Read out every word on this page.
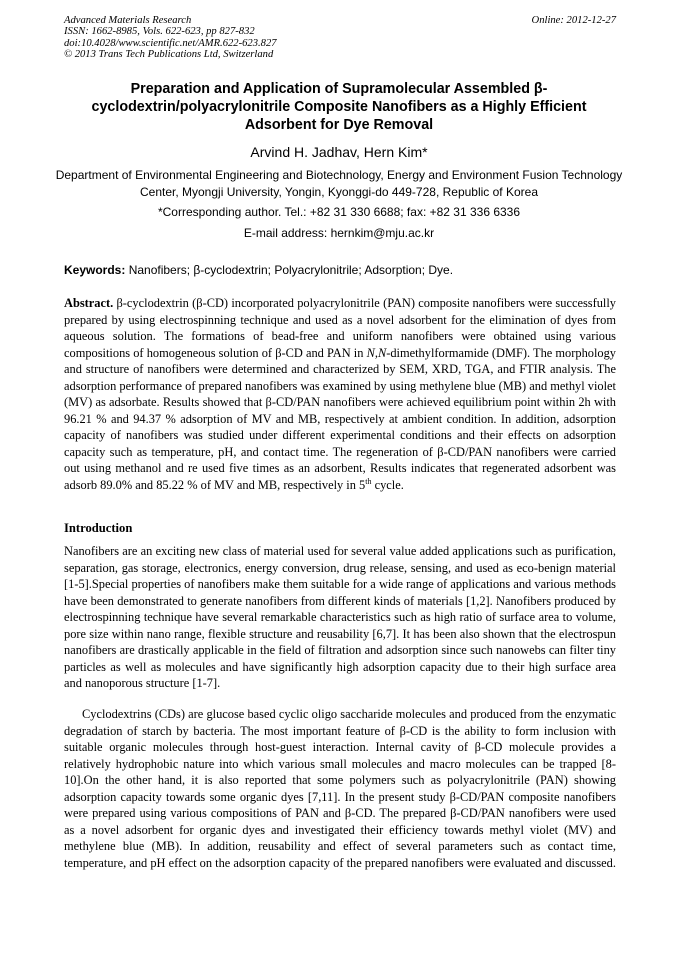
Advanced Materials Research
ISSN: 1662-8985, Vols. 622-623, pp 827-832
doi:10.4028/www.scientific.net/AMR.622-623.827
© 2013 Trans Tech Publications Ltd, Switzerland
Online: 2012-12-27
Preparation and Application of Supramolecular Assembled β-cyclodextrin/polyacrylonitrile Composite Nanofibers as a Highly Efficient Adsorbent for Dye Removal
Arvind H. Jadhav, Hern Kim*
Department of Environmental Engineering and Biotechnology, Energy and Environment Fusion Technology Center, Myongji University, Yongin, Kyonggi-do 449-728, Republic of Korea
*Corresponding author. Tel.: +82 31 330 6688; fax: +82 31 336 6336
E-mail address: hernkim@mju.ac.kr
Keywords: Nanofibers; β-cyclodextrin; Polyacrylonitrile; Adsorption; Dye.
Abstract. β-cyclodextrin (β-CD) incorporated polyacrylonitrile (PAN) composite nanofibers were successfully prepared by using electrospinning technique and used as a novel adsorbent for the elimination of dyes from aqueous solution. The formations of bead-free and uniform nanofibers were obtained using various compositions of homogeneous solution of β-CD and PAN in N,N-dimethylformamide (DMF). The morphology and structure of nanofibers were determined and characterized by SEM, XRD, TGA, and FTIR analysis. The adsorption performance of prepared nanofibers was examined by using methylene blue (MB) and methyl violet (MV) as adsorbate. Results showed that β-CD/PAN nanofibers were achieved equilibrium point within 2h with 96.21 % and 94.37 % adsorption of MV and MB, respectively at ambient condition. In addition, adsorption capacity of nanofibers was studied under different experimental conditions and their effects on adsorption capacity such as temperature, pH, and contact time. The regeneration of β-CD/PAN nanofibers were carried out using methanol and re used five times as an adsorbent, Results indicates that regenerated adsorbent was adsorb 89.0% and 85.22 % of MV and MB, respectively in 5th cycle.
Introduction
Nanofibers are an exciting new class of material used for several value added applications such as purification, separation, gas storage, electronics, energy conversion, drug release, sensing, and used as eco-benign material [1-5].Special properties of nanofibers make them suitable for a wide range of applications and various methods have been demonstrated to generate nanofibers from different kinds of materials [1,2]. Nanofibers produced by electrospinning technique have several remarkable characteristics such as high ratio of surface area to volume, pore size within nano range, flexible structure and reusability [6,7]. It has been also shown that the electrospun nanofibers are drastically applicable in the field of filtration and adsorption since such nanowebs can filter tiny particles as well as molecules and have significantly high adsorption capacity due to their high surface area and nanoporous structure [1-7].
Cyclodextrins (CDs) are glucose based cyclic oligo saccharide molecules and produced from the enzymatic degradation of starch by bacteria. The most important feature of β-CD is the ability to form inclusion with suitable organic molecules through host-guest interaction. Internal cavity of β-CD molecule provides a relatively hydrophobic nature into which various small molecules and macro molecules can be trapped [8-10].On the other hand, it is also reported that some polymers such as polyacrylonitrile (PAN) showing adsorption capacity towards some organic dyes [7,11]. In the present study β-CD/PAN composite nanofibers were prepared using various compositions of PAN and β-CD. The prepared β-CD/PAN nanofibers were used as a novel adsorbent for organic dyes and investigated their efficiency towards methyl violet (MV) and methylene blue (MB). In addition, reusability and effect of several parameters such as contact time, temperature, and pH effect on the adsorption capacity of the prepared nanofibers were evaluated and discussed.
